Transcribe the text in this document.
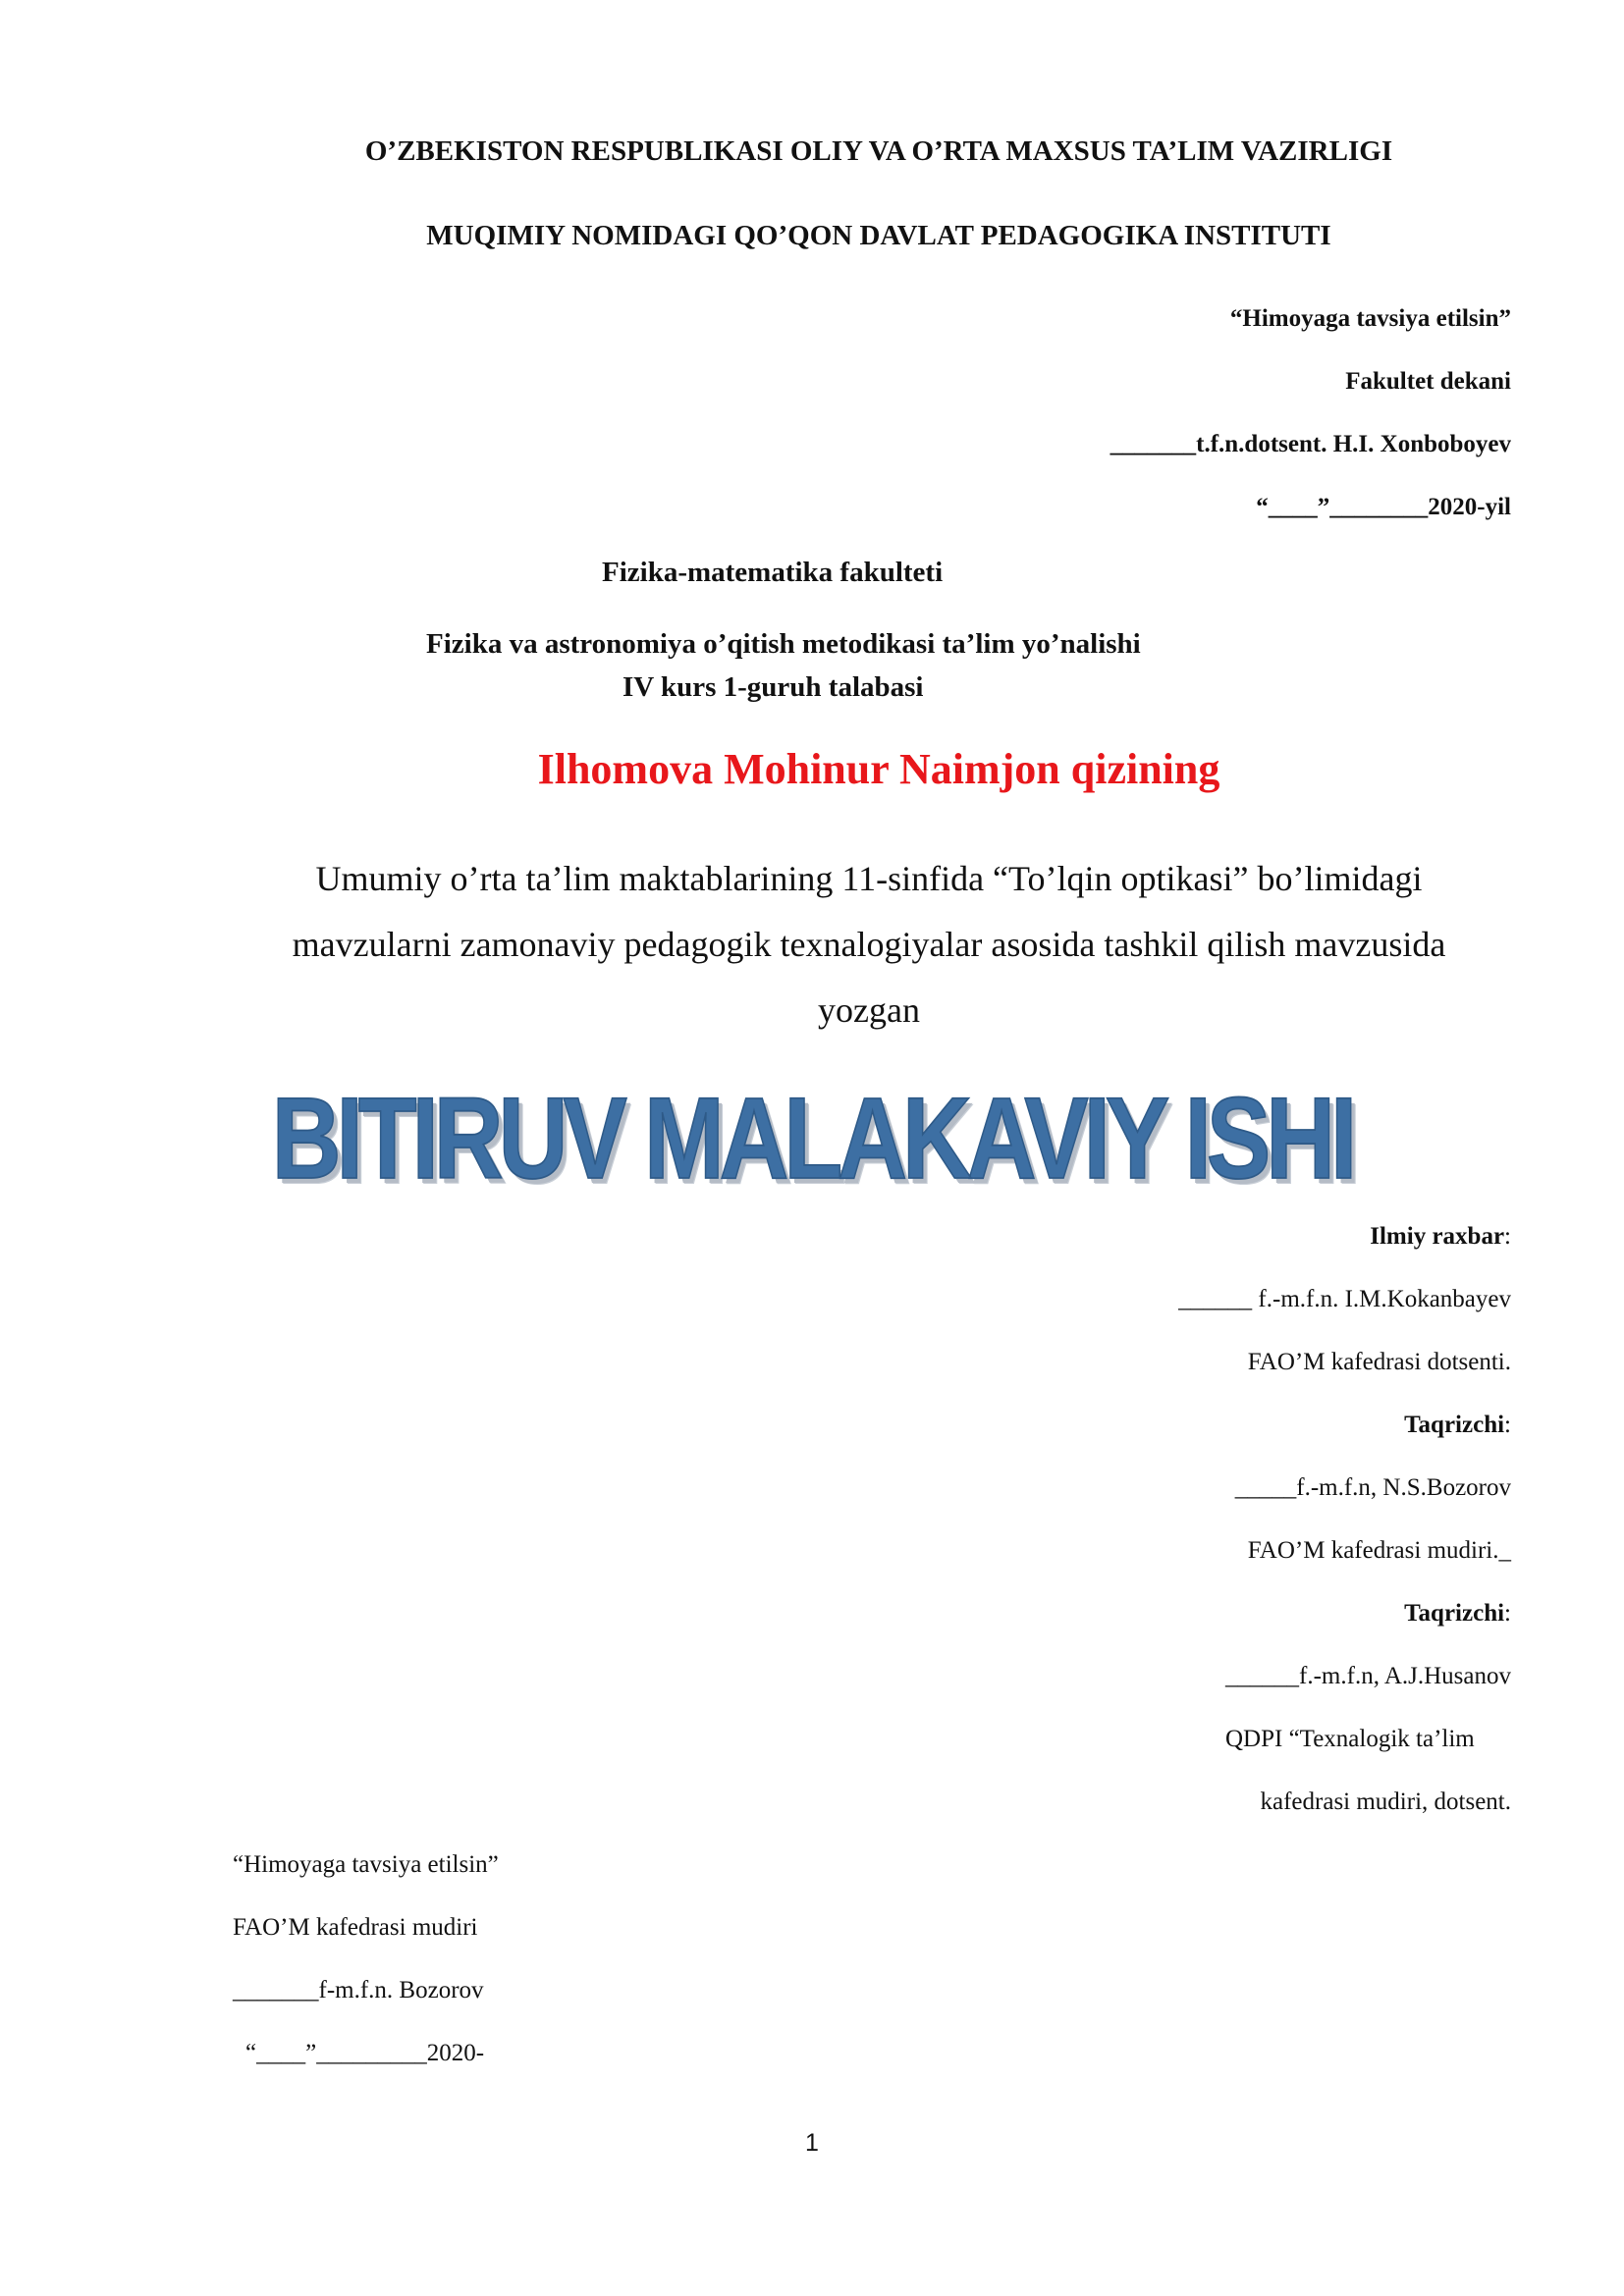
O’ZBEKISTON RESPUBLIKASI OLIY VA O’RTA MAXSUS TA’LIM VAZIRLIGI
MUQIMIY NOMIDAGI QO’QON DAVLAT PEDAGOGIKA INSTITUTI
“Himoyaga tavsiya etilsin”
Fakultet dekani
_______t.f.n.dotsent. H.I. Xonboboyev
“____”________2020-yil
Fizika-matematika fakulteti
Fizika va astronomiya o’qitish metodikasi ta’lim yo’nalishi
IV kurs 1-guruh talabasi
Ilhomova Mohinur Naimjon qizining
Umumiy o’rta ta’lim maktablarining 11-sinfida “To’lqin optikasi” bo’limidagi
mavzularni zamonaviy pedagogik texnalogiyalar asosida tashkil qilish mavzusida
yozgan
BITIRUV MALAKAVIY ISHI
Ilmiy raxbar:
______ f.-m.f.n. I.M.Kokanbayev
FAO’M kafedrasi dotsenti.
Taqrizchi:
_____f.-m.f.n, N.S.Bozorov
FAO’M kafedrasi mudiri._
Taqrizchi:
______f.-m.f.n, A.J.Husanov
QDPI “Texnalogik ta’lim
kafedrasi mudiri, dotsent.
“Himoyaga tavsiya etilsin”
FAO’M kafedrasi mudiri
_______f-m.f.n. Bozorov
“____”_________2020-
1
